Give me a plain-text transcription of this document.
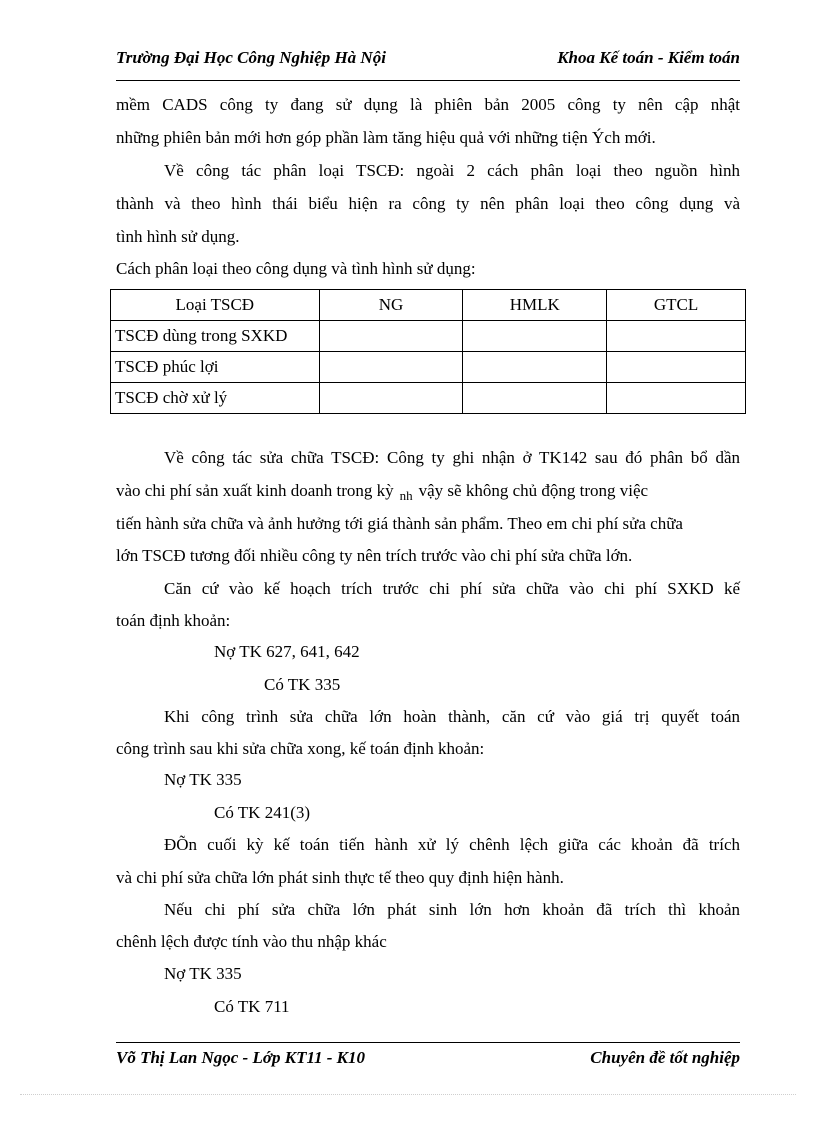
Trường Đại Học Công Nghiệp Hà Nội	Khoa Kế toán - Kiểm toán
mềm CADS công ty đang sử dụng là phiên bản 2005 công ty nên cập nhật
những phiên bản mới hơn góp phần làm tăng hiệu quả với những tiện Ých mới.
Về công tác phân loại TSCĐ: ngoài 2 cách phân loại theo nguồn hình
thành và theo hình thái biểu hiện ra công ty nên phân loại theo công dụng và
tình hình sử dụng.
Cách phân loại theo công dụng và tình hình sử dụng:
Loại TSCĐ	NG	HMLK	GTCL
TSCĐ dùng trong SXKD			
TSCĐ phúc lợi			
TSCĐ chờ xử lý			
Về công tác sửa chữa TSCĐ: Công ty ghi nhận ở TK142 sau đó phân bổ dần
vào chi phí sản xuất kinh doanh trong kỳ $_{nh}$ vậy sẽ không chủ động trong việc
tiến hành sửa chữa và ảnh hưởng tới giá thành sản phẩm. Theo em chi phí sửa chữa
lớn TSCĐ tương đối nhiều công ty nên trích trước vào chi phí sửa chữa lớn.
Căn cứ vào kế hoạch trích trước chi phí sửa chữa vào chi phí SXKD kế
toán định khoản:
Nợ TK 627, 641, 642
Có TK 335
Khi công trình sửa chữa lớn hoàn thành, căn cứ vào giá trị quyết toán
công trình sau khi sửa chữa xong, kế toán định khoản:
Nợ TK 335
Có TK 241(3)
ĐÕn cuối kỳ kế toán tiến hành xử lý chênh lệch giữa các khoản đã trích
và chi phí sửa chữa lớn phát sinh thực tế theo quy định hiện hành.
Nếu chi phí sửa chữa lớn phát sinh lớn hơn khoản đã trích thì khoản
chênh lệch được tính vào thu nhập khác
Nợ TK 335
Có TK 711
Võ Thị Lan Ngọc - Lớp KT11 - K10	Chuyên đề tốt nghiệp
